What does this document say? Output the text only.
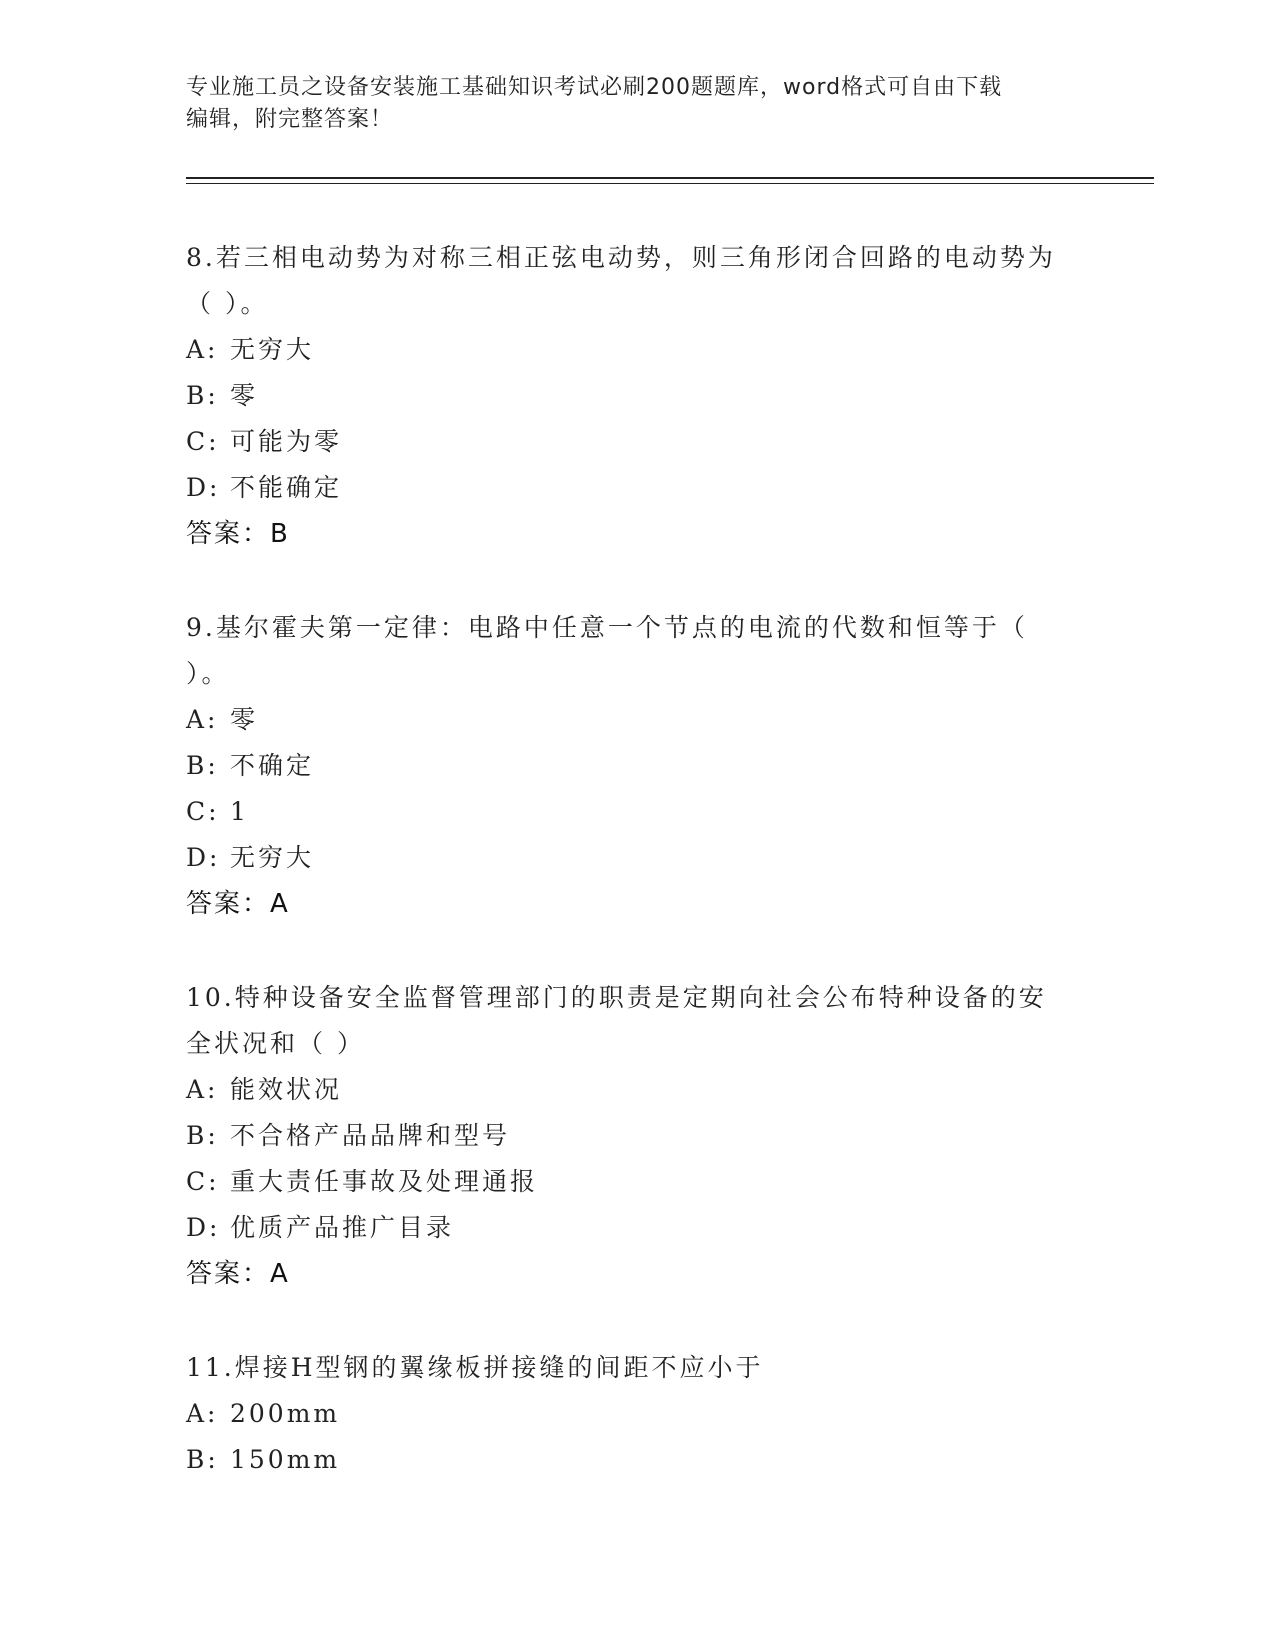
专业施工员之设备安装施工基础知识考试必刷200题题库，word格式可自由下载
编辑，附完整答案！
8.若三相电动势为对称三相正弦电动势，则三角形闭合回路的电动势为（ ）。
A: 无穷大
B: 零
C: 可能为零
D: 不能确定
答案：B
9.基尔霍夫第一定律：电路中任意一个节点的电流的代数和恒等于（ ）。
A: 零
B: 不确定
C: 1
D: 无穷大
答案：A
10.特种设备安全监督管理部门的职责是定期向社会公布特种设备的安全状况和（ ）
A: 能效状况
B: 不合格产品品牌和型号
C: 重大责任事故及处理通报
D: 优质产品推广目录
答案：A
11.焊接H型钢的翼缘板拼接缝的间距不应小于
A: 200mm
B: 150mm
